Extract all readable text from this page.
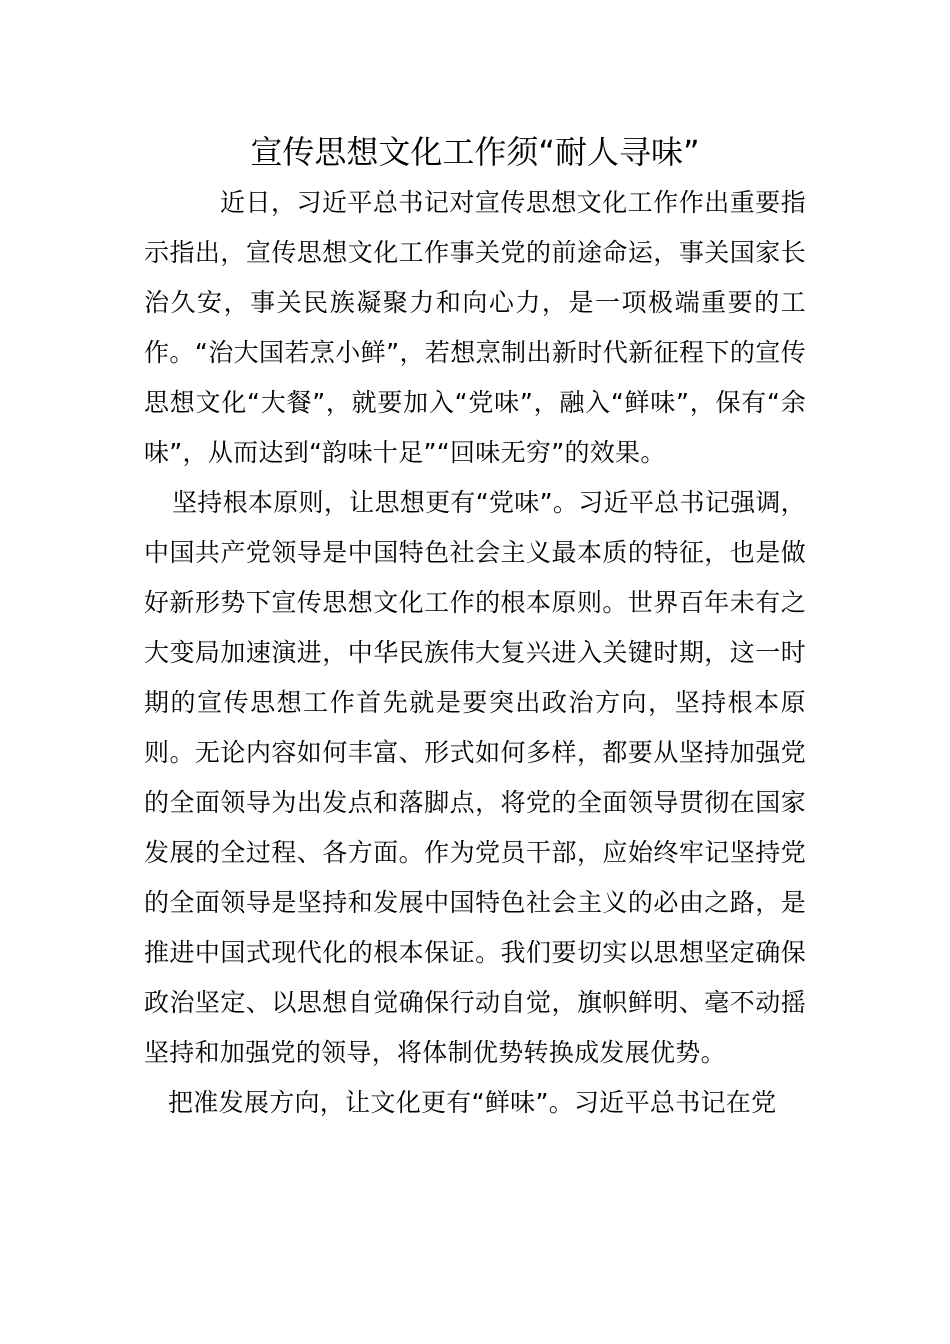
宣传思想文化工作须“耐人寻味”

近日，习近平总书记对宣传思想文化工作作出重要指示指出，宣传思想文化工作事关党的前途命运，事关国家长治久安，事关民族凝聚力和向心力，是一项极端重要的工作。“治大国若烹小鲜”，若想烹制出新时代新征程下的宣传思想文化“大餐”，就要加入“党味”，融入“鲜味”，保有“余味”，从而达到“韵味十足”“回味无穷”的效果。

坚持根本原则，让思想更有“党味”。习近平总书记强调，中国共产党领导是中国特色社会主义最本质的特征，也是做好新形势下宣传思想文化工作的根本原则。世界百年未有之大变局加速演进，中华民族伟大复兴进入关键时期，这一时期的宣传思想工作首先就是要突出政治方向，坚持根本原则。无论内容如何丰富、形式如何多样，都要从坚持加强党的全面领导为出发点和落脚点，将党的全面领导贯彻在国家发展的全过程、各方面。作为党员干部，应始终牢记坚持党的全面领导是坚持和发展中国特色社会主义的必由之路，是推进中国式现代化的根本保证。我们要切实以思想坚定确保政治坚定、以思想自觉确保行动自觉，旗帜鲜明、毫不动摇坚持和加强党的领导，将体制优势转换成发展优势。

把准发展方向，让文化更有“鲜味”。习近平总书记在党
